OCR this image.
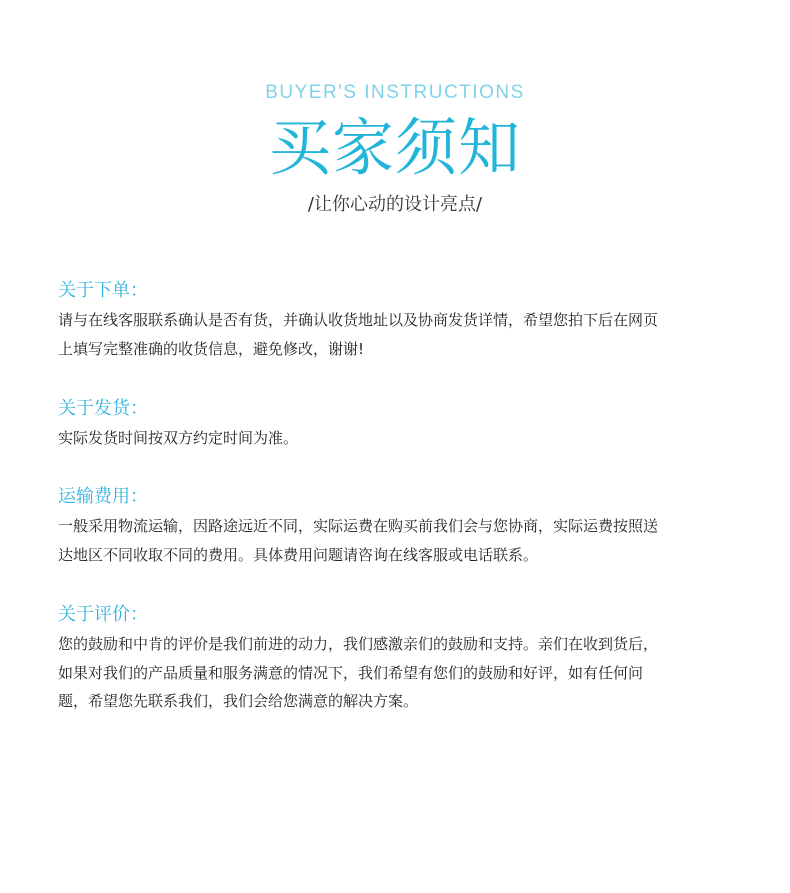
BUYER'S INSTRUCTIONS
买家须知
/让你心动的设计亮点/
关于下单：
请与在线客服联系确认是否有货，并确认收货地址以及协商发货详情，希望您拍下后在网页
上填写完整准确的收货信息，避免修改，谢谢!
关于发货：
实际发货时间按双方约定时间为准。
运输费用：
一般采用物流运输，因路途远近不同，实际运费在购买前我们会与您协商，实际运费按照送
达地区不同收取不同的费用。具体费用问题请咨询在线客服或电话联系。
关于评价：
您的鼓励和中肯的评价是我们前进的动力，我们感激亲们的鼓励和支持。亲们在收到货后，
如果对我们的产品质量和服务满意的情况下，我们希望有您们的鼓励和好评，如有任何问
题，希望您先联系我们，我们会给您满意的解决方案。
